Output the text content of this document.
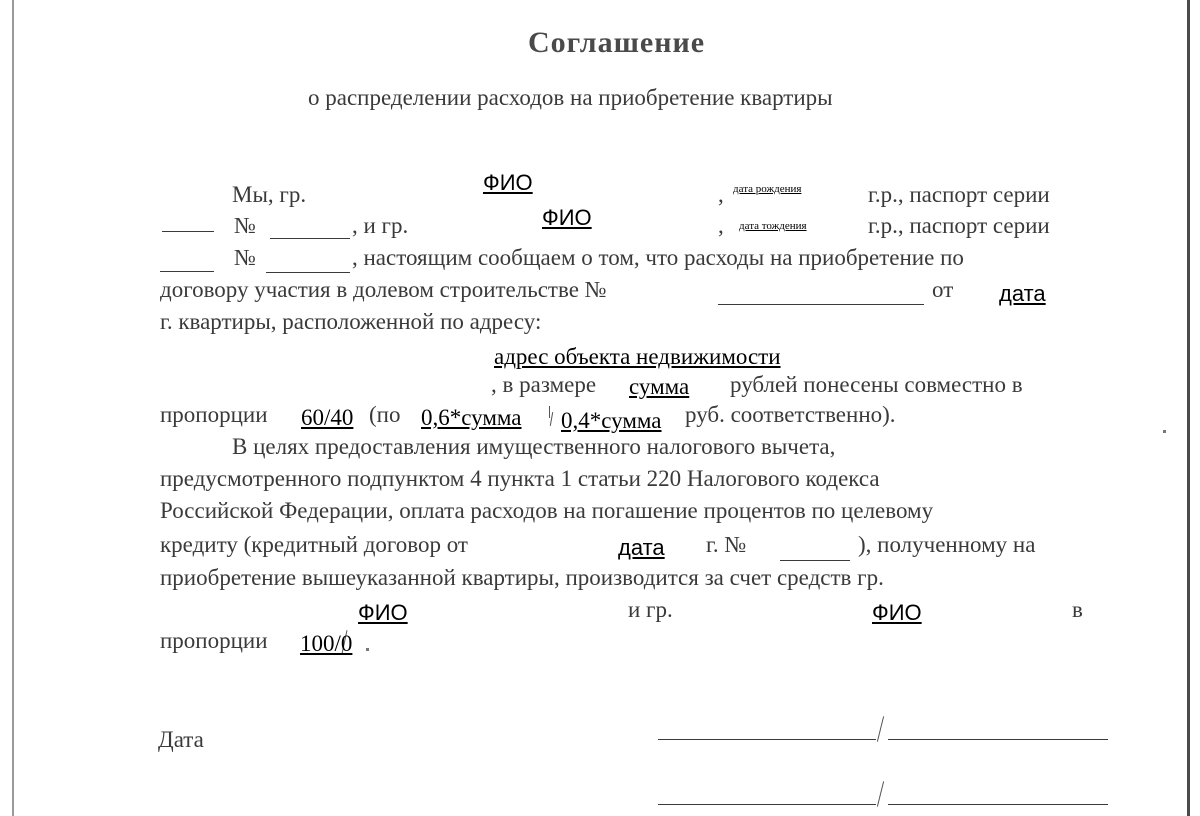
Соглашение
о распределении расходов на приобретение квартиры
Мы, гр.	,	г.р., паспорт серии
№	, и гр.	,	г.р., паспорт серии
№	, настоящим сообщаем о том, что расходы на приобретение по
договору участия в долевом строительстве №	от
г. квартиры, расположенной по адресу:
, в размере	рублей понесены совместно в
пропорции	(по	руб. соответственно).
В целях предоставления имущественного налогового вычета,
предусмотренного подпунктом 4 пункта 1 статьи 220 Налогового кодекса
Российской Федерации, оплата расходов на погашение процентов по целевому
кредиту (кредитный договор от	г. №	), полученному на
приобретение вышеуказанной квартиры, производится за счет средств гр.
и гр.	в
пропорции
Дата
ФИО	дата рождения
ФИО	дата тождения
дата
адрес объекта недвижимости
сумма
60/40	0,6*сумма 0,4*сумма
дата
ФИО	ФИО
100/0
